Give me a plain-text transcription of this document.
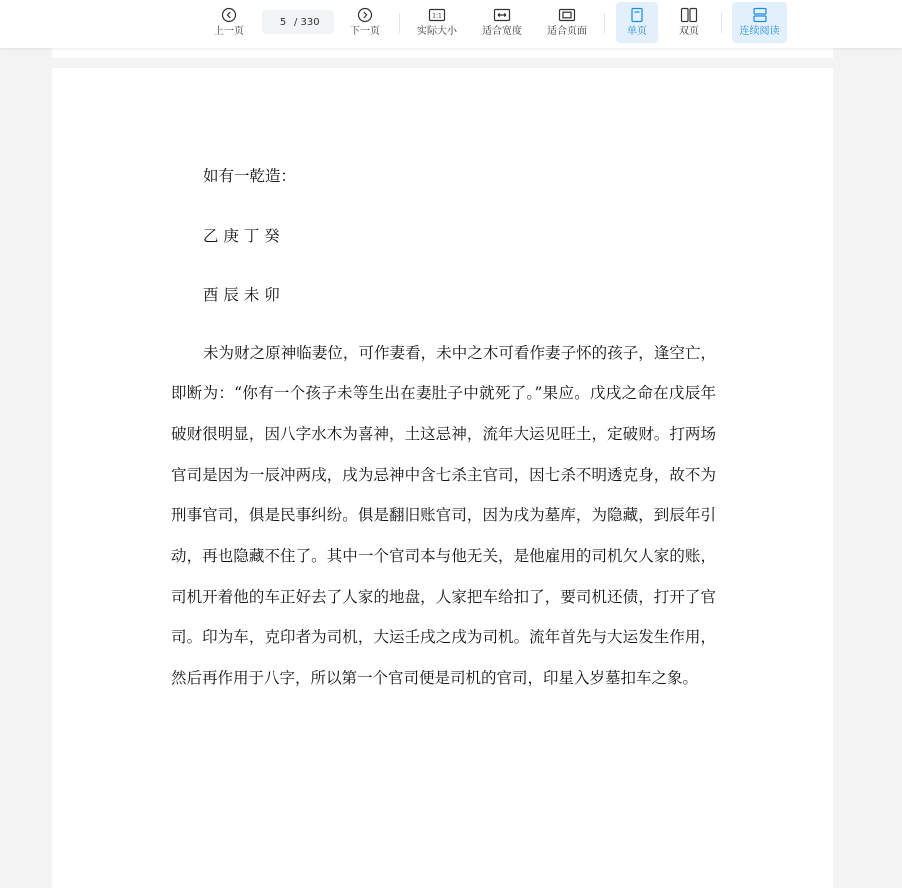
上一页
5
/ 330
下一页
1:1
实际大小	适合宽度	适合页面	单页	双页	连续阅读
如有一乾造：
乙 庚 丁 癸
酉 辰 未 卯
未为财之原神临妻位，可作妻看，未中之木可看作妻子怀的孩子，逢空亡，即断为：“你有一个孩子未等生出在妻肚子中就死了。”果应。戊戌之命在戊辰年破财很明显，因八字水木为喜神，土这忌神，流年大运见旺土，定破财。打两场官司是因为一辰冲两戌，戌为忌神中含七杀主官司，因七杀不明透克身，故不为刑事官司，俱是民事纠纷。俱是翻旧账官司，因为戌为墓库，为隐藏，到辰年引动，再也隐藏不住了。其中一个官司本与他无关，是他雇用的司机欠人家的账，司机开着他的车正好去了人家的地盘，人家把车给扣了，要司机还债，打开了官司。印为车，克印者为司机，大运壬戌之戌为司机。流年首先与大运发生作用，然后再作用于八字，所以第一个官司便是司机的官司，印星入岁墓扣车之象。
